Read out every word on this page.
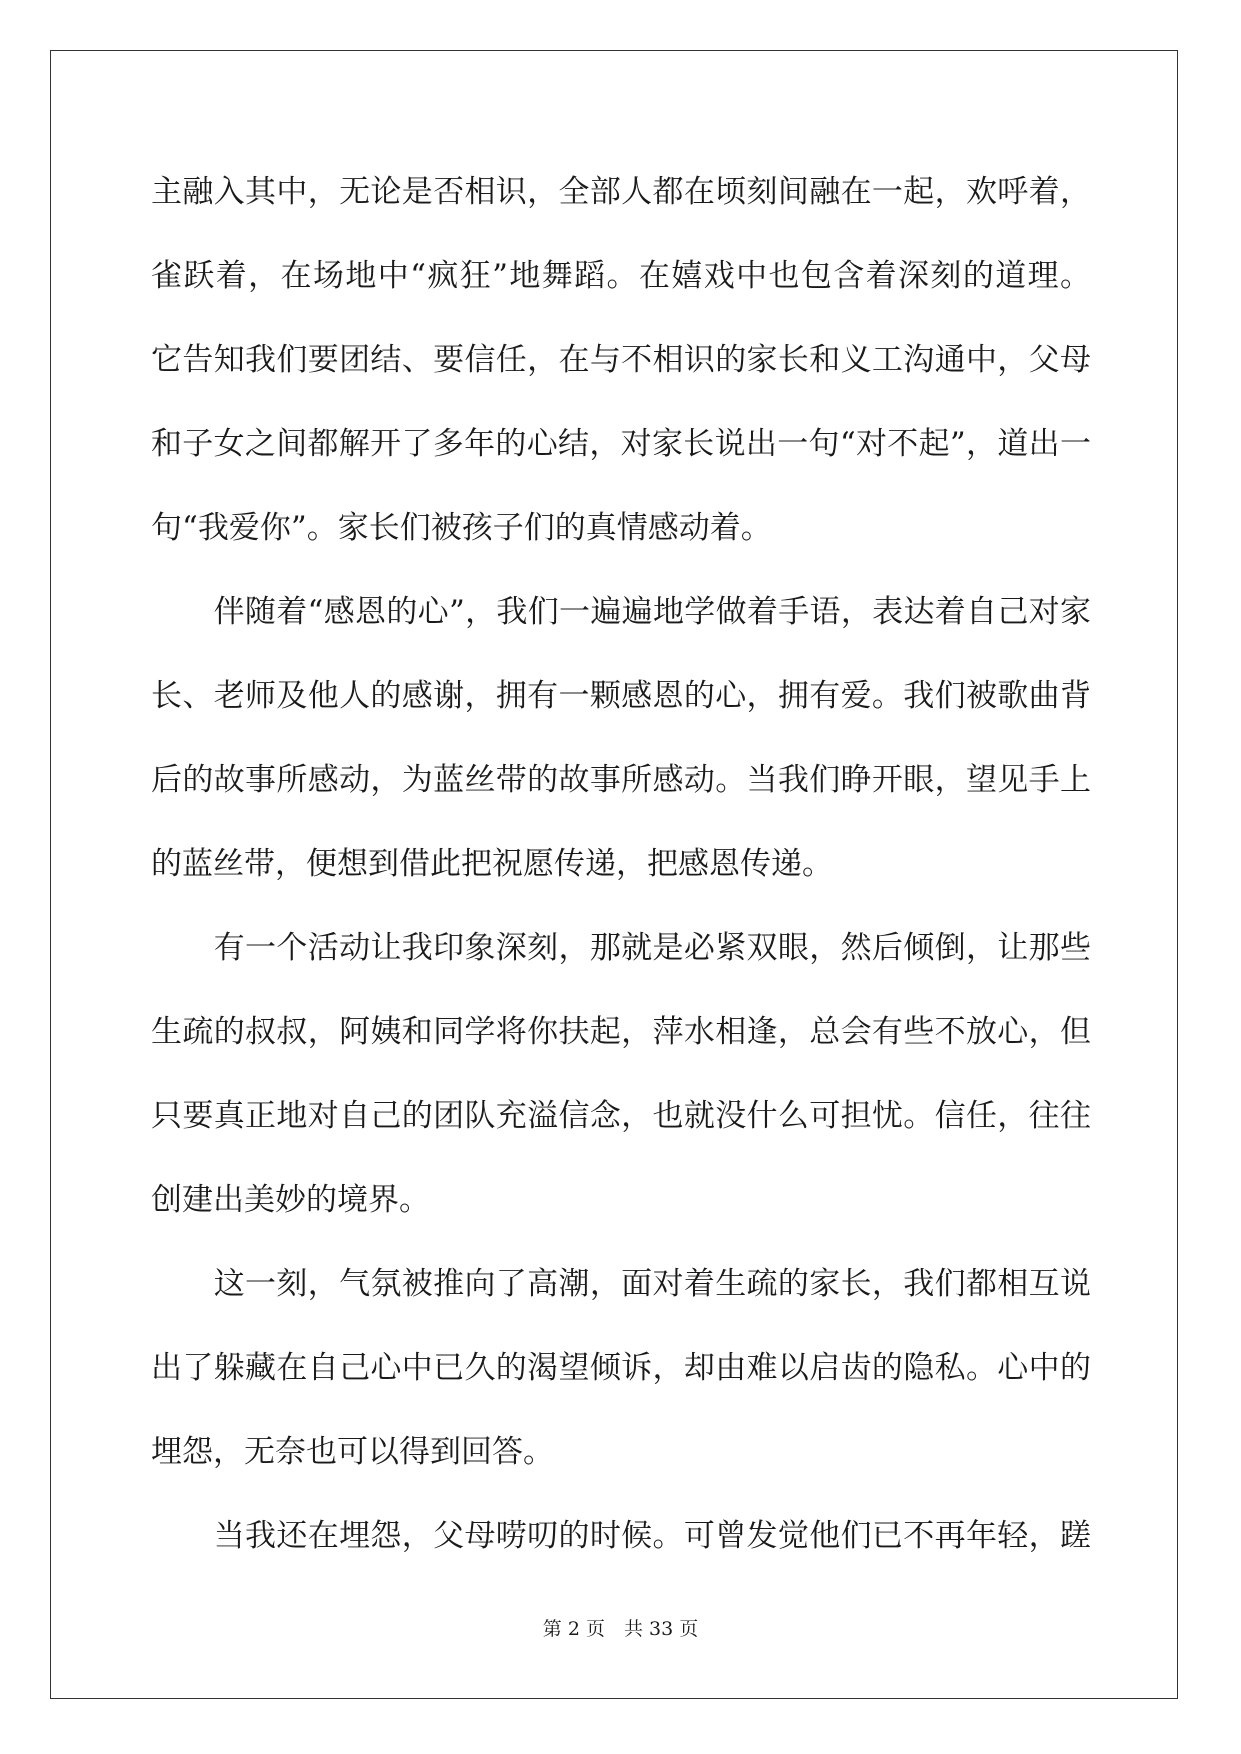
主融入其中，无论是否相识，全部人都在顷刻间融在一起，欢呼着，
雀跃着，在场地中“疯狂”地舞蹈。在嬉戏中也包含着深刻的道理。
它告知我们要团结、要信任，在与不相识的家长和义工沟通中，父母
和子女之间都解开了多年的心结，对家长说出一句“对不起”，道出一
句“我爱你”。家长们被孩子们的真情感动着。
　　伴随着“感恩的心”，我们一遍遍地学做着手语，表达着自己对家
长、老师及他人的感谢，拥有一颗感恩的心，拥有爱。我们被歌曲背
后的故事所感动，为蓝丝带的故事所感动。当我们睁开眼，望见手上
的蓝丝带，便想到借此把祝愿传递，把感恩传递。
　　有一个活动让我印象深刻，那就是必紧双眼，然后倾倒，让那些
生疏的叔叔，阿姨和同学将你扶起，萍水相逢，总会有些不放心，但
只要真正地对自己的团队充溢信念，也就没什么可担忧。信任，往往
创建出美妙的境界。
　　这一刻，气氛被推向了高潮，面对着生疏的家长，我们都相互说
出了躲藏在自己心中已久的渴望倾诉，却由难以启齿的隐私。心中的
埋怨，无奈也可以得到回答。
　　当我还在埋怨，父母唠叨的时候。可曾发觉他们已不再年轻，蹉
第 2 页　共 33 页
